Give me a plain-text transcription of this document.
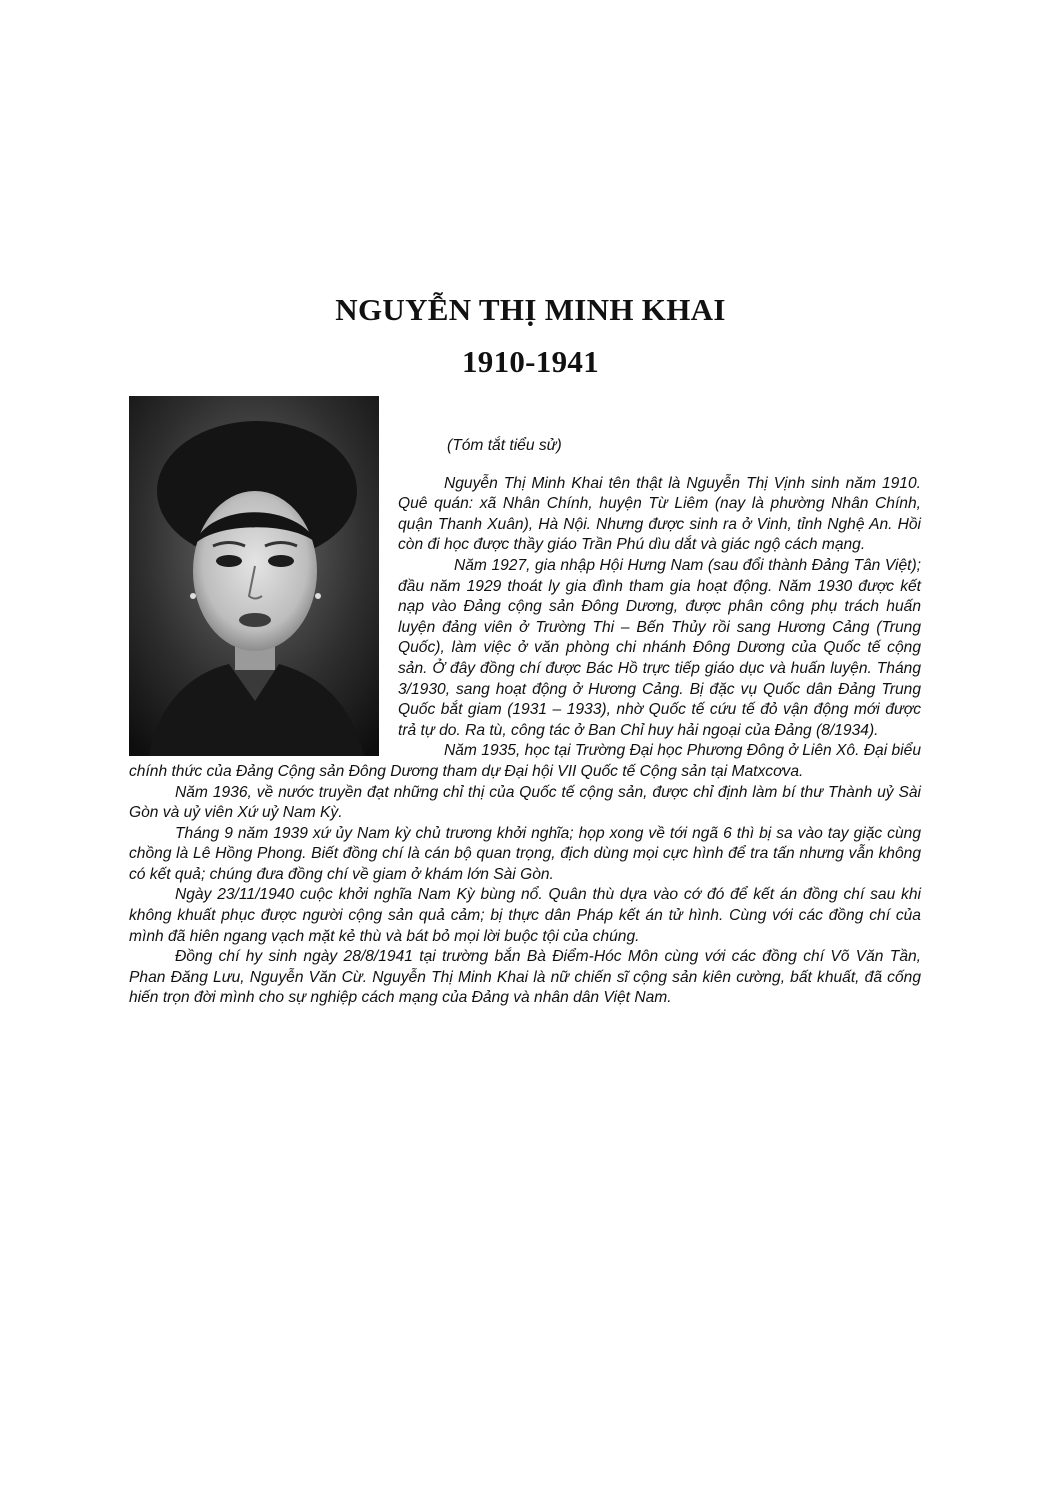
NGUYỄN THỊ MINH KHAI
1910-1941

(Tóm tắt tiểu sử)

Nguyễn Thị Minh Khai tên thật là Nguyễn Thị Vịnh sinh năm 1910. Quê quán: xã Nhân Chính, huyện Từ Liêm (nay là phường Nhân Chính, quận Thanh Xuân), Hà Nội. Nhưng được sinh ra ở Vinh, tỉnh Nghệ An. Hồi còn đi học được thầy giáo Trần Phú dìu dắt và giác ngộ cách mạng.

Năm 1927, gia nhập Hội Hưng Nam (sau đổi thành Đảng Tân Việt); đầu năm 1929 thoát ly gia đình tham gia hoạt động. Năm 1930 được kết nạp vào Đảng cộng sản Đông Dương, được phân công phụ trách huấn luyện đảng viên ở Trường Thi – Bến Thủy rồi sang Hương Cảng (Trung Quốc), làm việc ở văn phòng chi nhánh Đông Dương của Quốc tế cộng sản. Ở đây đồng chí được Bác Hồ trực tiếp giáo dục và huấn luyện. Tháng 3/1930, sang hoạt động ở Hương Cảng. Bị đặc vụ Quốc dân Đảng Trung Quốc bắt giam (1931 – 1933), nhờ Quốc tế cứu tế đỏ vận động mới được trả tự do. Ra tù, công tác ở Ban Chỉ huy hải ngoại của Đảng (8/1934).

Năm 1935, học tại Trường Đại học Phương Đông ở Liên Xô. Đại biểu chính thức của Đảng Cộng sản Đông Dương tham dự Đại hội VII Quốc tế Cộng sản tại Matxcơva.

Năm 1936, về nước truyền đạt những chỉ thị của Quốc tế cộng sản, được chỉ định làm bí thư Thành uỷ Sài Gòn và uỷ viên Xứ uỷ Nam Kỳ.

Tháng 9 năm 1939 xứ ủy Nam kỳ chủ trương khởi nghĩa; họp xong về tới ngã 6 thì bị sa vào tay giặc cùng chồng là Lê Hồng Phong. Biết đồng chí là cán bộ quan trọng, địch dùng mọi cực hình để tra tấn nhưng vẫn không có kết quả; chúng đưa đồng chí về giam ở khám lớn Sài Gòn.

Ngày 23/11/1940 cuộc khởi nghĩa Nam Kỳ bùng nổ. Quân thù dựa vào cớ đó để kết án đồng chí sau khi không khuất phục được người cộng sản quả cảm; bị thực dân Pháp kết án tử hình. Cùng với các đồng chí của mình đã hiên ngang vạch mặt kẻ thù và bát bỏ mọi lời buộc tội của chúng.

Đồng chí hy sinh ngày 28/8/1941 tại trường bắn Bà Điểm-Hóc Môn cùng với các đồng chí Võ Văn Tần, Phan Đăng Lưu, Nguyễn Văn Cừ. Nguyễn Thị Minh Khai là nữ chiến sĩ cộng sản kiên cường, bất khuất, đã cống hiến trọn đời mình cho sự nghiệp cách mạng của Đảng và nhân dân Việt Nam.
